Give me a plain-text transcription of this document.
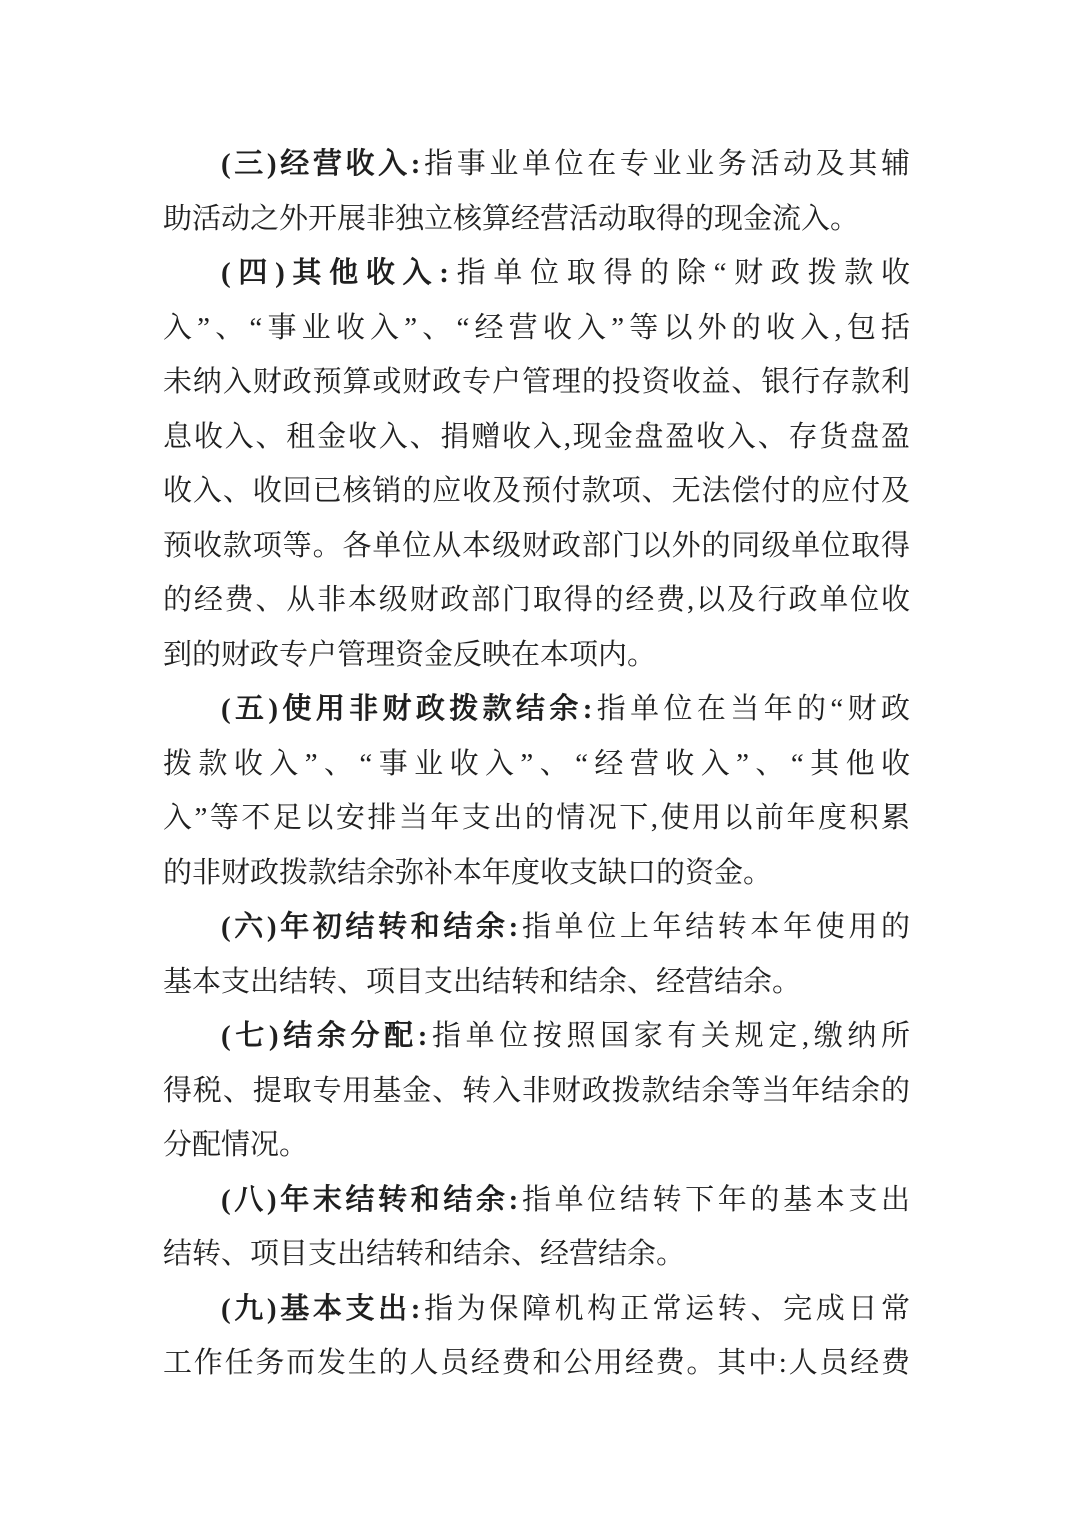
(三)经营收入:指事业单位在专业业务活动及其辅
助活动之外开展非独立核算经营活动取得的现金流入。
(四)其他收入:指单位取得的除“财政拨款收
入”、“事业收入”、“经营收入”等以外的收入,包括
未纳入财政预算或财政专户管理的投资收益、银行存款利
息收入、租金收入、捐赠收入,现金盘盈收入、存货盘盈
收入、收回已核销的应收及预付款项、无法偿付的应付及
预收款项等。各单位从本级财政部门以外的同级单位取得
的经费、从非本级财政部门取得的经费,以及行政单位收
到的财政专户管理资金反映在本项内。
(五)使用非财政拨款结余:指单位在当年的“财政
拨款收入”、“事业收入”、“经营收入”、“其他收
入”等不足以安排当年支出的情况下,使用以前年度积累
的非财政拨款结余弥补本年度收支缺口的资金。
(六)年初结转和结余:指单位上年结转本年使用的
基本支出结转、项目支出结转和结余、经营结余。
(七)结余分配:指单位按照国家有关规定,缴纳所
得税、提取专用基金、转入非财政拨款结余等当年结余的
分配情况。
(八)年末结转和结余:指单位结转下年的基本支出
结转、项目支出结转和结余、经营结余。
(九)基本支出:指为保障机构正常运转、完成日常
工作任务而发生的人员经费和公用经费。其中:人员经费
